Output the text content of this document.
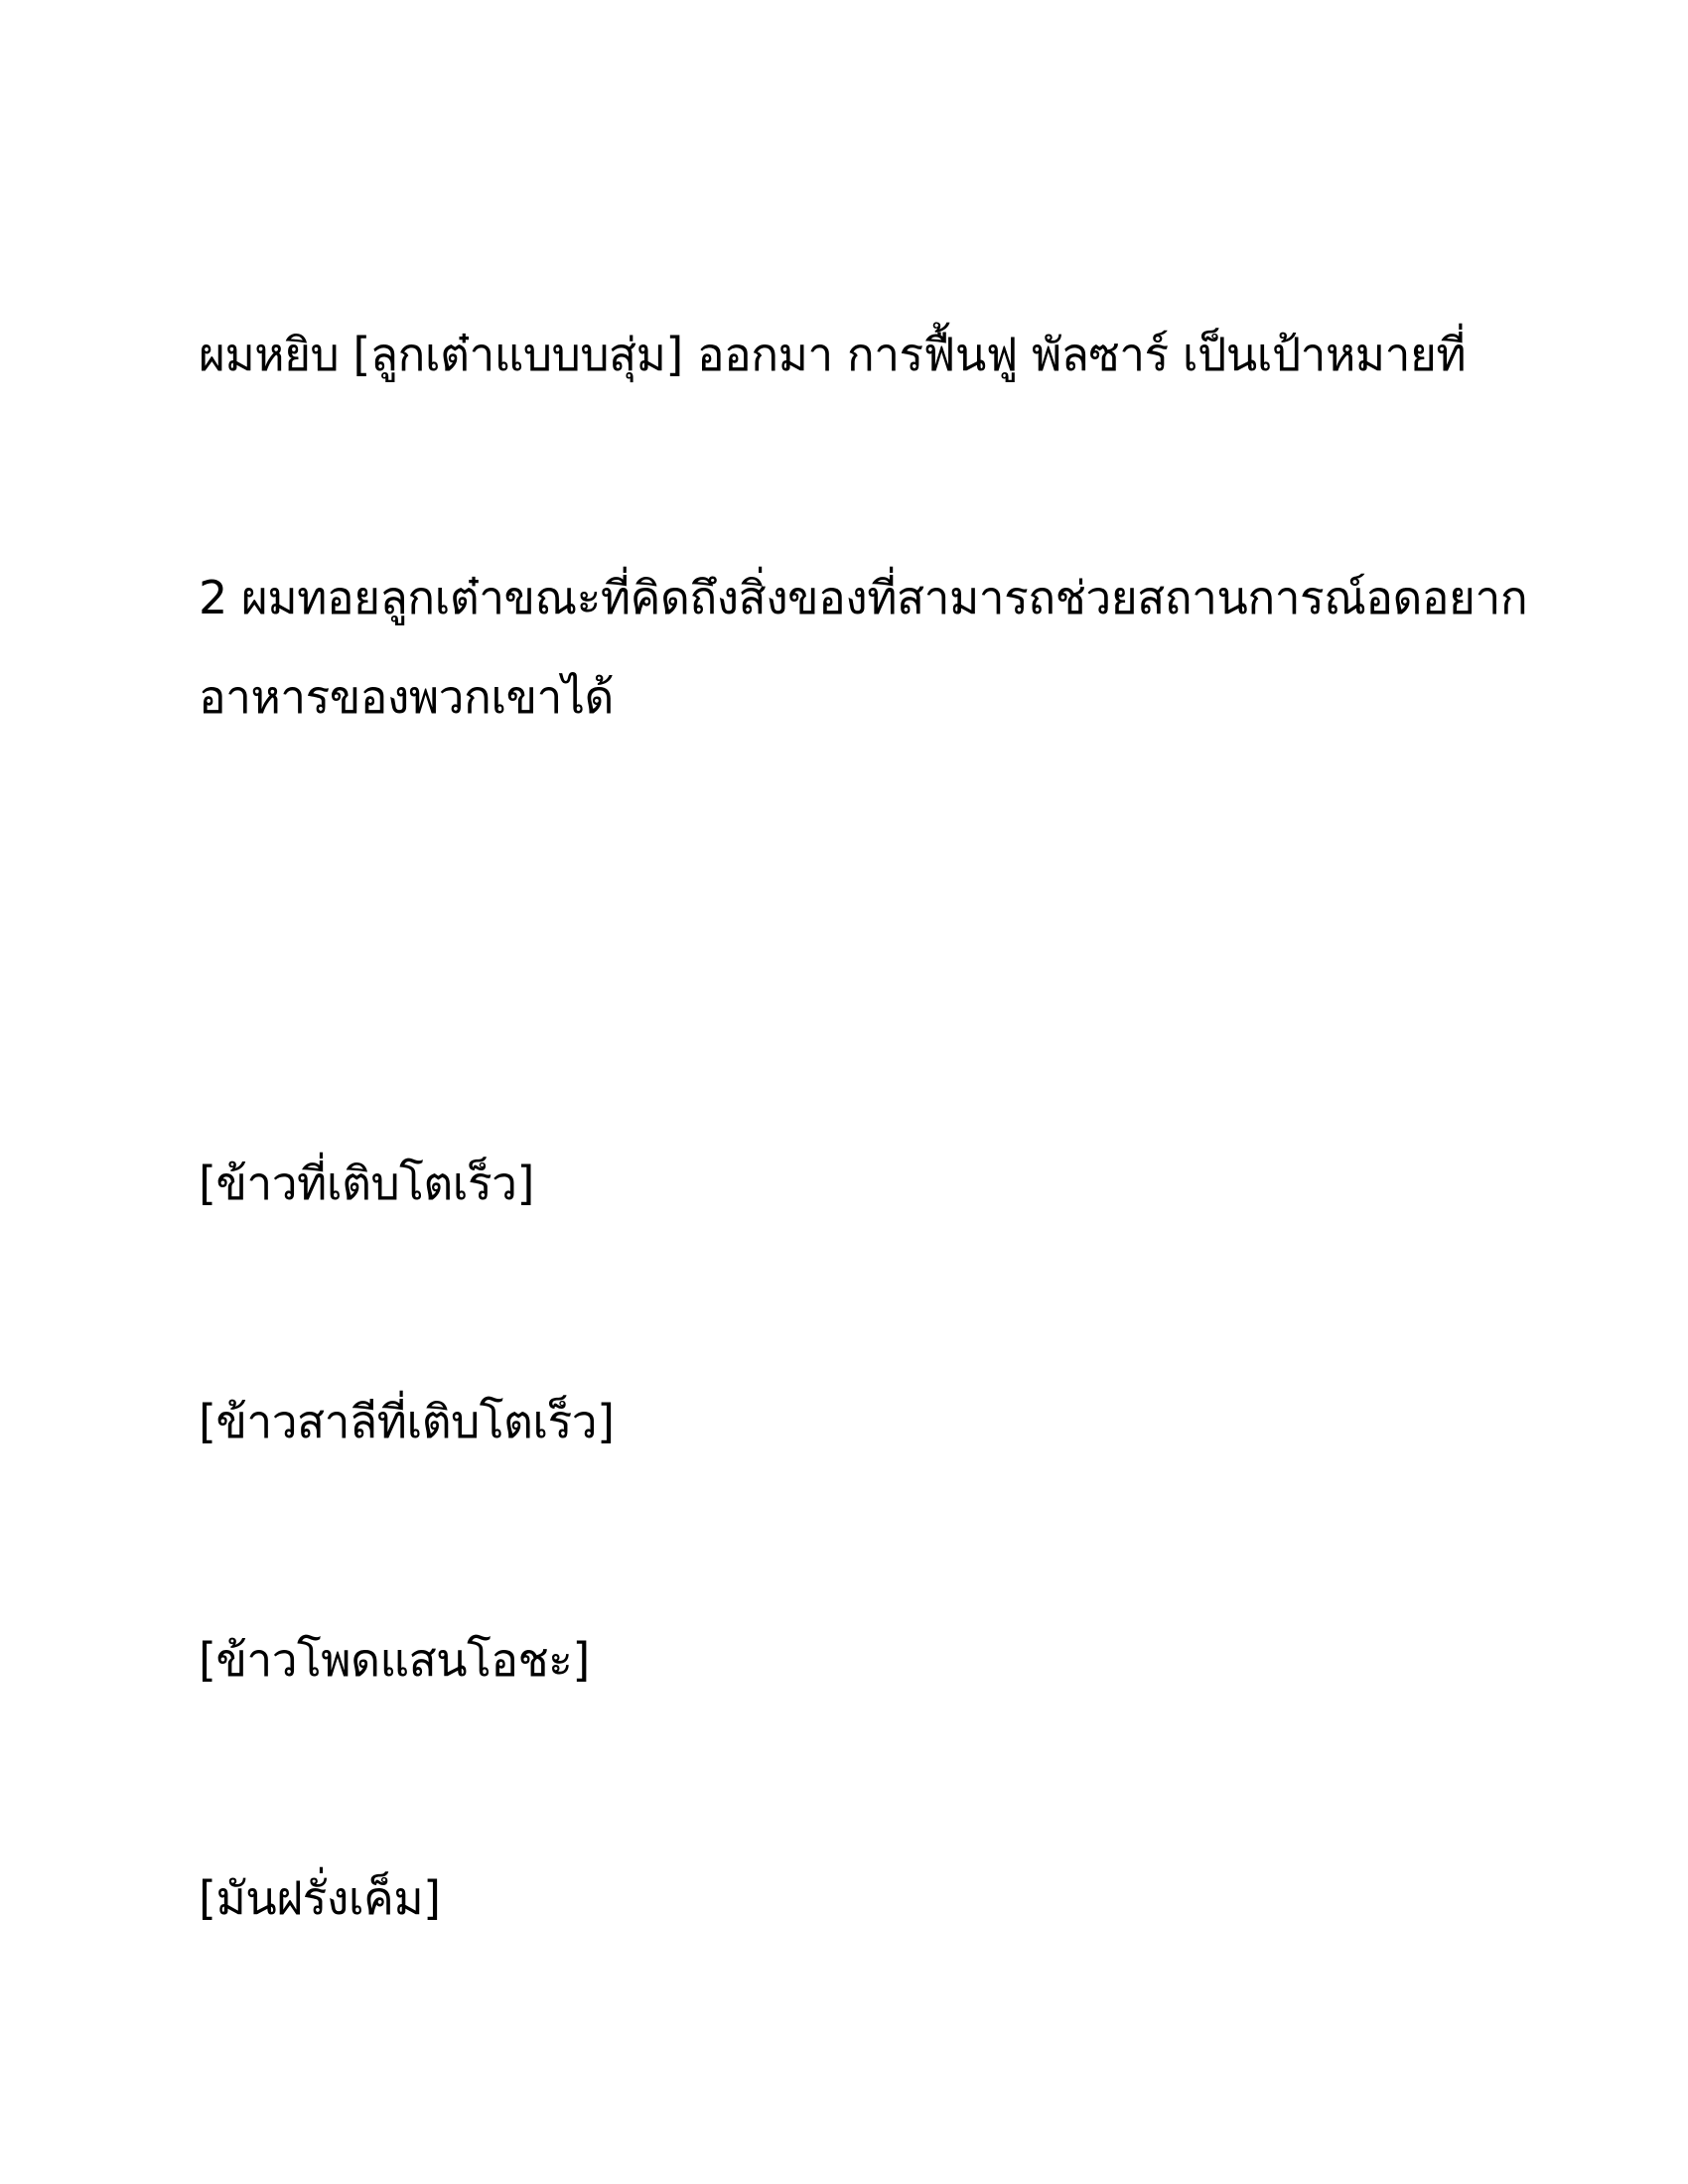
ผมหยิบ [ลูกเต๋าแบบบสุ่ม] ออกมา การฟื้นฟู พัลซาร์ เป็นเป้าหมายที่

2 ผมทอยลูกเต๋าขณะที่คิดถึงสิ่งของที่สามารถช่วยสถานการณ์อดอยาก

อาหารของพวกเขาได้

[ข้าวที่เติบโตเร็ว]

[ข้าวสาลีที่เติบโตเร็ว]

[ข้าวโพดแสนโอชะ]

[มันฝรั่งเค็ม]
